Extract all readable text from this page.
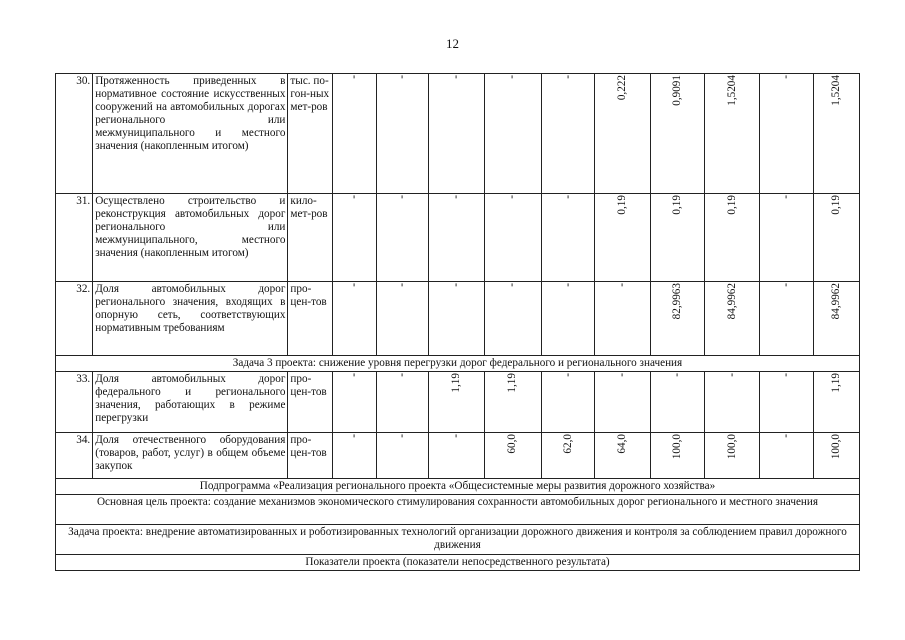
12
30.	Протяженность приведенных в нормативное состояние искусственных сооружений на автомобильных дорогах регионального или межмуниципального и местного значения (накопленным итогом)	тыс. по-гон-ных мет-ров	-	-	-	-	-	0,222	0,9091	1,5204	-	1,5204

31.	Осуществлено строительство и реконструкция автомобильных дорог регионального или межмуниципального, местного значения (накопленным итогом)	кило-мет-ров	-	-	-	-	-	0,19	0,19	0,19	-	0,19

32.	Доля автомобильных дорог регионального значения, входящих в опорную сеть, соответствующих нормативным требованиям	про-цен-тов	-	-	-	-	-	-	82,9963	84,9962	-	84,9962

Задача 3 проекта: снижение уровня перегрузки дорог федерального и регионального значения												
33.	Доля автомобильных дорог федерального и регионального значения, работающих в режиме перегрузки	про-цен-тов	-	-	1,19	1,19	-	-	-	-	-	1,19

34.	Доля отечественного оборудования (товаров, работ, услуг) в общем объеме закупок	про-цен-тов	-	-	-	60,0	62,0	64,0	100,0	100,0	-	100,0

Подпрограмма «Реализация регионального проекта «Общесистемные меры развития дорожного хозяйства»												
Основная цель проекта: создание механизмов экономического стимулирования сохранности автомобильных дорог регионального и местного значения												
Задача проекта: внедрение автоматизированных и роботизированных технологий организации дорожного движения и контроля за соблюдением правил дорожного движения												
Показатели проекта (показатели непосредственного результата)												
